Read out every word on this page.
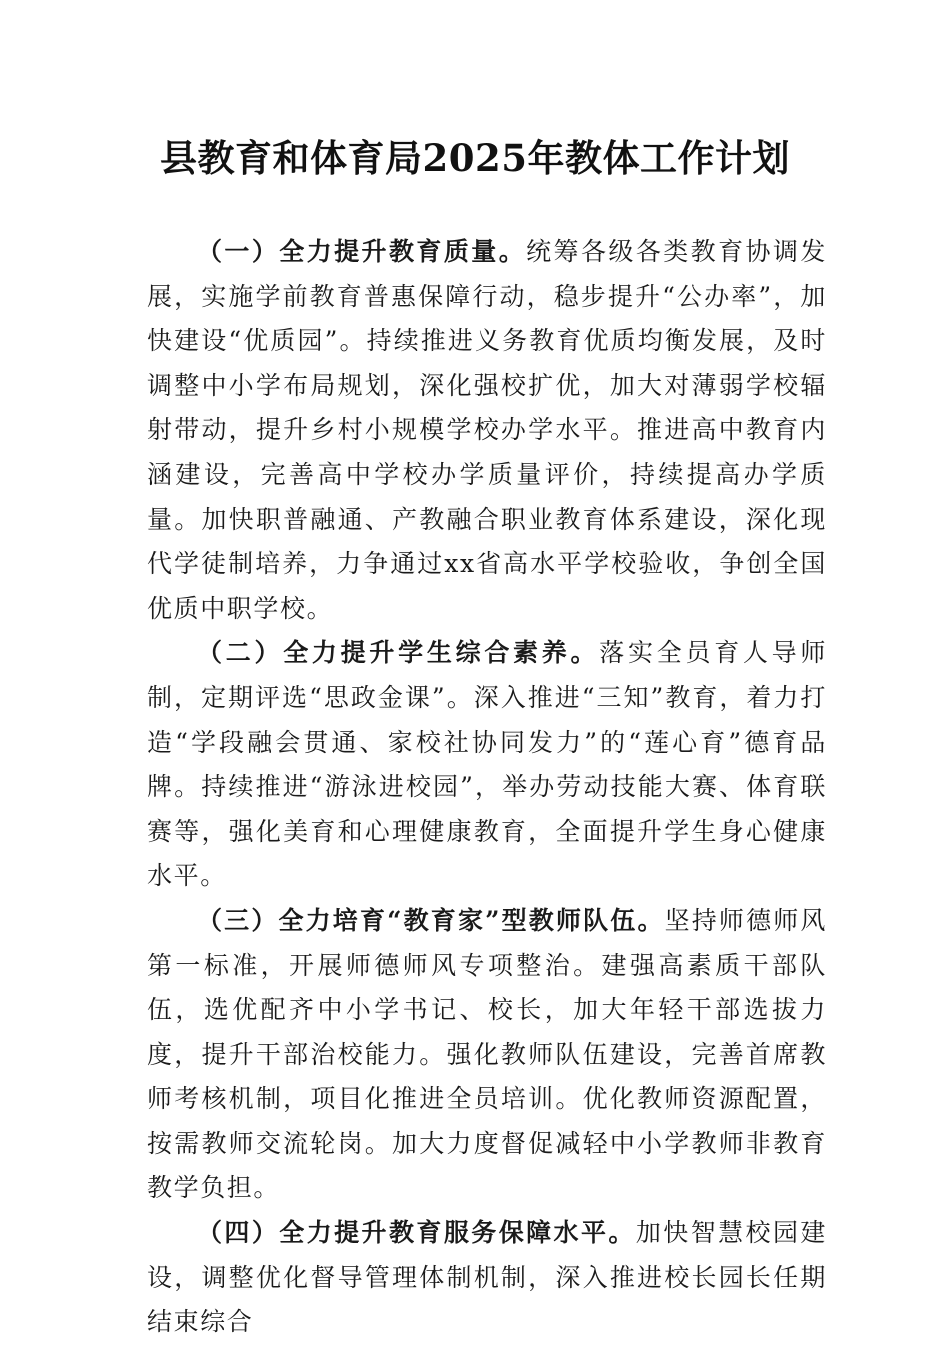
县教育和体育局2025年教体工作计划

（一）全力提升教育质量。统筹各级各类教育协调发展，实施学前教育普惠保障行动，稳步提升“公办率”，加快建设“优质园”。持续推进义务教育优质均衡发展，及时调整中小学布局规划，深化强校扩优，加大对薄弱学校辐射带动，提升乡村小规模学校办学水平。推进高中教育内涵建设，完善高中学校办学质量评价，持续提高办学质量。加快职普融通、产教融合职业教育体系建设，深化现代学徒制培养，力争通过xx省高水平学校验收，争创全国优质中职学校。

（二）全力提升学生综合素养。落实全员育人导师制，定期评选“思政金课”。深入推进“三知”教育，着力打造“学段融会贯通、家校社协同发力”的“莲心育”德育品牌。持续推进“游泳进校园”，举办劳动技能大赛、体育联赛等，强化美育和心理健康教育，全面提升学生身心健康水平。

（三）全力培育“教育家”型教师队伍。坚持师德师风第一标准，开展师德师风专项整治。建强高素质干部队伍，选优配齐中小学书记、校长，加大年轻干部选拔力度，提升干部治校能力。强化教师队伍建设，完善首席教师考核机制，项目化推进全员培训。优化教师资源配置，按需教师交流轮岗。加大力度督促减轻中小学教师非教育教学负担。

（四）全力提升教育服务保障水平。加快智慧校园建设，调整优化督导管理体制机制，深入推进校长园长任期结束综合
